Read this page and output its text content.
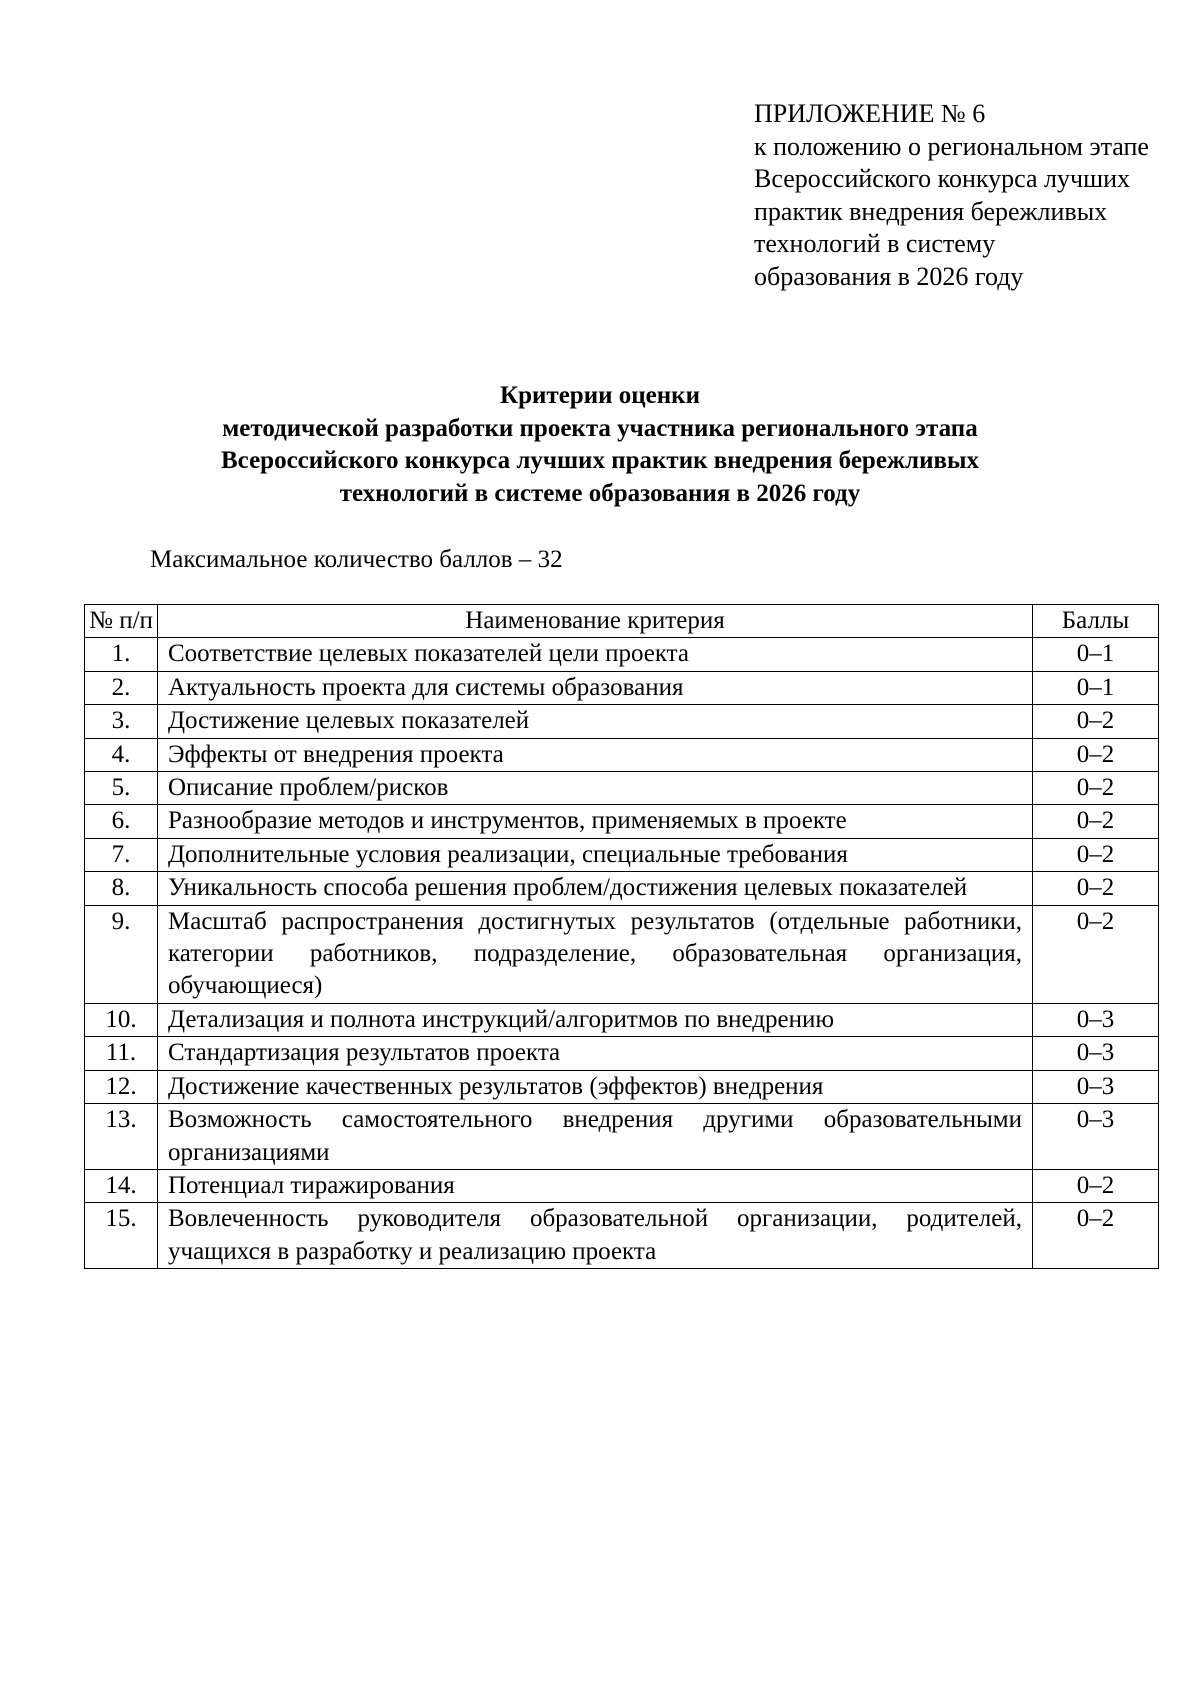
ПРИЛОЖЕНИЕ № 6
к положению о региональном этапе
Всероссийского конкурса лучших
практик внедрения бережливых
технологий в систему
образования в 2026 году
Критерии оценки
методической разработки проекта участника регионального этапа
Всероссийского конкурса лучших практик внедрения бережливых
технологий в системе образования в 2026 году
Максимальное количество баллов – 32
№ п/п	Наименование критерия	Баллы
1.	Соответствие целевых показателей цели проекта	0–1
2.	Актуальность проекта для системы образования	0–1
3.	Достижение целевых показателей	0–2
4.	Эффекты от внедрения проекта	0–2
5.	Описание проблем/рисков	0–2
6.	Разнообразие методов и инструментов, применяемых в проекте	0–2
7.	Дополнительные условия реализации, специальные требования	0–2
8.	Уникальность способа решения проблем/достижения целевых показателей	0–2
9.	Масштаб распространения достигнутых результатов (отдельные работники, категории работников, подразделение, образовательная организация, обучающиеся)	0–2
10.	Детализация и полнота инструкций/алгоритмов по внедрению	0–3
11.	Стандартизация результатов проекта	0–3
12.	Достижение качественных результатов (эффектов) внедрения	0–3
13.	Возможность самостоятельного внедрения другими образовательными организациями	0–3
14.	Потенциал тиражирования	0–2
15.	Вовлеченность руководителя образовательной организации, родителей, учащихся в разработку и реализацию проекта	0–2
